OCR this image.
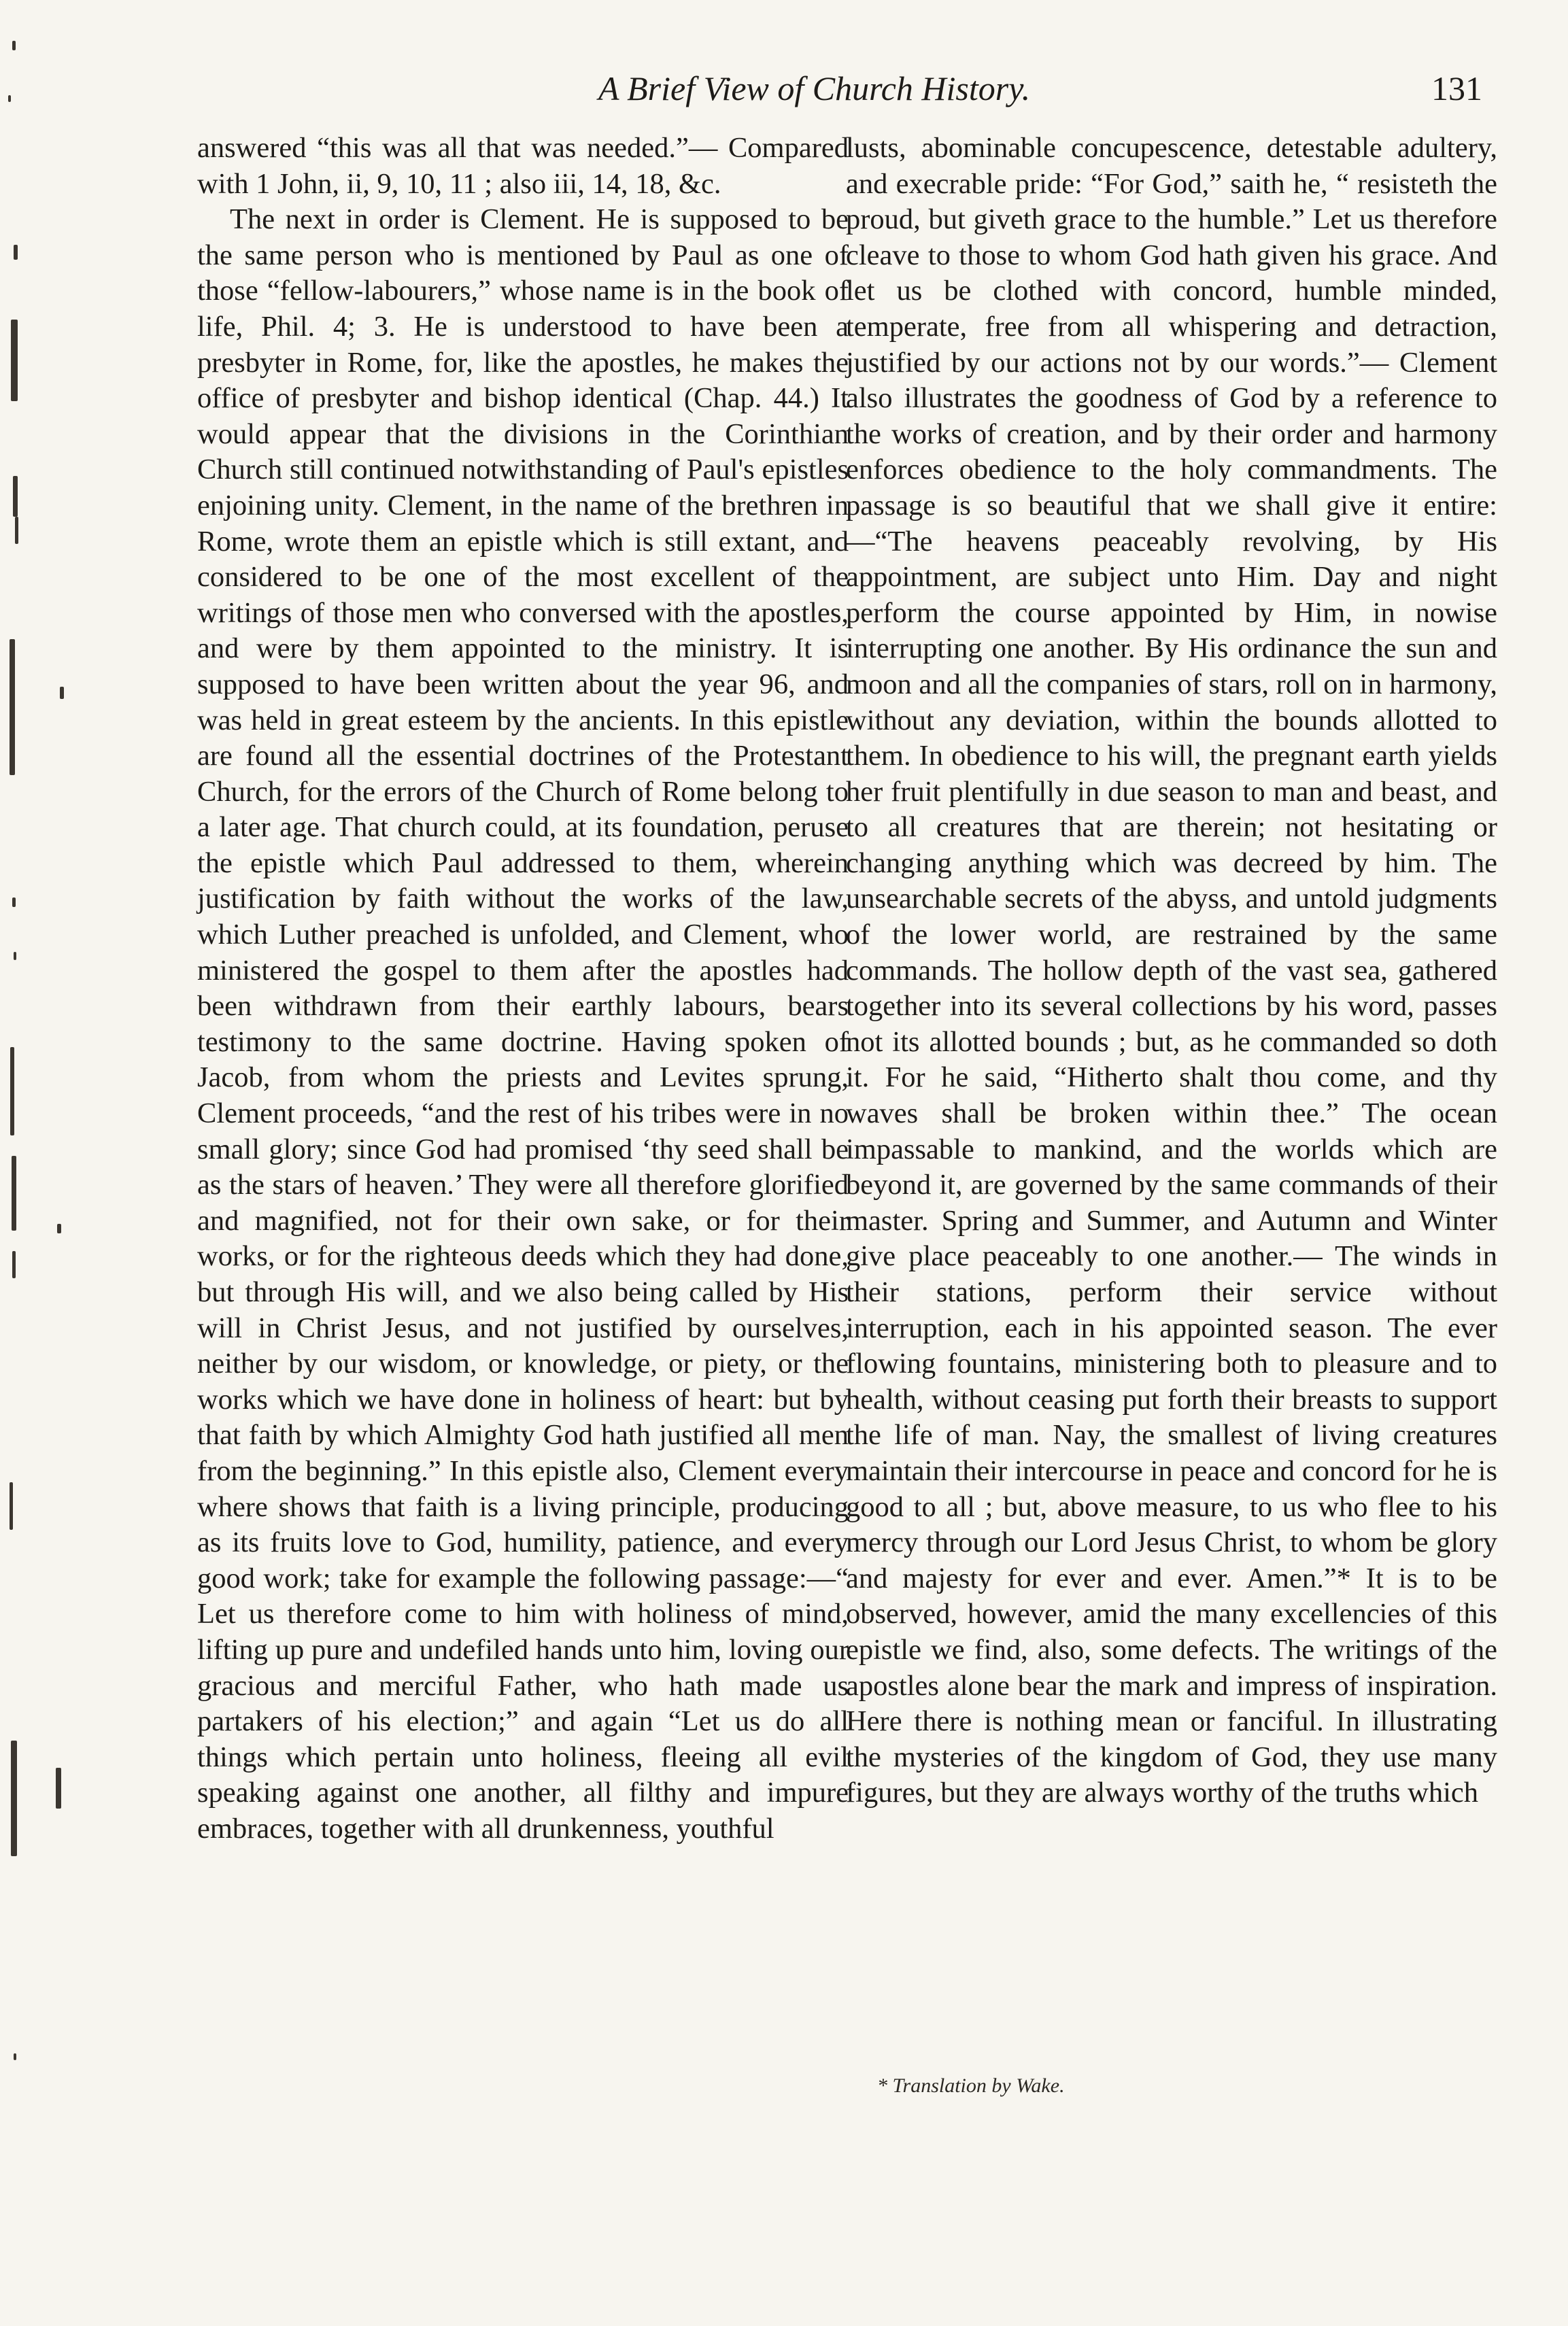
A Brief View of Church History.	131

answered “this was all that was needed.”— Compared with 1 John, ii, 9, 10, 11 ; also iii, 14, 18, &c.

The next in order is Clement. He is supposed to be the same person who is mentioned by Paul as one of those “fellow-labourers,” whose name is in the book of life, Phil. 4; 3. He is understood to have been a presbyter in Rome, for, like the apostles, he makes the office of presbyter and bishop identical (Chap. 44.) It would appear that the divisions in the Corinthian Church still continued notwithstanding of Paul's epistles enjoining unity. Clement, in the name of the brethren in Rome, wrote them an epistle which is still extant, and considered to be one of the most excellent of the writings of those men who conversed with the apostles, and were by them appointed to the ministry. It is supposed to have been written about the year 96, and was held in great esteem by the ancients. In this epistle are found all the essential doctrines of the Protestant Church, for the errors of the Church of Rome belong to a later age. That church could, at its foundation, peruse the epistle which Paul addressed to them, wherein justification by faith without the works of the law, which Luther preached is unfolded, and Clement, who ministered the gospel to them after the apostles had been withdrawn from their earthly labours, bears testimony to the same doctrine. Having spoken of Jacob, from whom the priests and Levites sprung, Clement proceeds, “and the rest of his tribes were in no small glory; since God had promised ‘thy seed shall be as the stars of heaven.’ They were all therefore glorified and magnified, not for their own sake, or for their works, or for the righteous deeds which they had done, but through His will, and we also being called by His will in Christ Jesus, and not justified by ourselves, neither by our wisdom, or knowledge, or piety, or the works which we have done in holiness of heart: but by that faith by which Almighty God hath justified all men from the beginning.” In this epistle also, Clement every where shows that faith is a living principle, producing as its fruits love to God, humility, patience, and every good work; take for example the following passage:—“ Let us therefore come to him with holiness of mind, lifting up pure and undefiled hands unto him, loving our gracious and merciful Father, who hath made us partakers of his election;” and again “Let us do all things which pertain unto holiness, fleeing all evil speaking against one another, all filthy and impure embraces, together with all drunkenness, youthful

lusts, abominable concupescence, detestable adultery, and execrable pride: “For God,” saith he, “ resisteth the proud, but giveth grace to the humble.” Let us therefore cleave to those to whom God hath given his grace. And let us be clothed with concord, humble minded, temperate, free from all whispering and detraction, justified by our actions not by our words.”— Clement also illustrates the goodness of God by a reference to the works of creation, and by their order and harmony enforces obedience to the holy commandments. The passage is so beautiful that we shall give it entire:—“The heavens peaceably revolving, by His appointment, are subject unto Him. Day and night perform the course appointed by Him, in nowise interrupting one another. By His ordinance the sun and moon and all the companies of stars, roll on in harmony, without any deviation, within the bounds allotted to them. In obedience to his will, the pregnant earth yields her fruit plentifully in due season to man and beast, and to all creatures that are therein; not hesitating or changing anything which was decreed by him. The unsearchable secrets of the abyss, and untold judgments of the lower world, are restrained by the same commands. The hollow depth of the vast sea, gathered together into its several collections by his word, passes not its allotted bounds ; but, as he commanded so doth it. For he said, “Hitherto shalt thou come, and thy waves shall be broken within thee.” The ocean impassable to mankind, and the worlds which are beyond it, are governed by the same commands of their master. Spring and Summer, and Autumn and Winter give place peaceably to one another.— The winds in their stations, perform their service without interruption, each in his appointed season. The ever flowing fountains, ministering both to pleasure and to health, without ceasing put forth their breasts to support the life of man. Nay, the smallest of living creatures maintain their intercourse in peace and concord for he is good to all ; but, above measure, to us who flee to his mercy through our Lord Jesus Christ, to whom be glory and majesty for ever and ever. Amen.”* It is to be observed, however, amid the many excellencies of this epistle we find, also, some defects. The writings of the apostles alone bear the mark and impress of inspiration. Here there is nothing mean or fanciful. In illustrating the mysteries of the kingdom of God, they use many figures, but they are always worthy of the truths which

* Translation by Wake.
